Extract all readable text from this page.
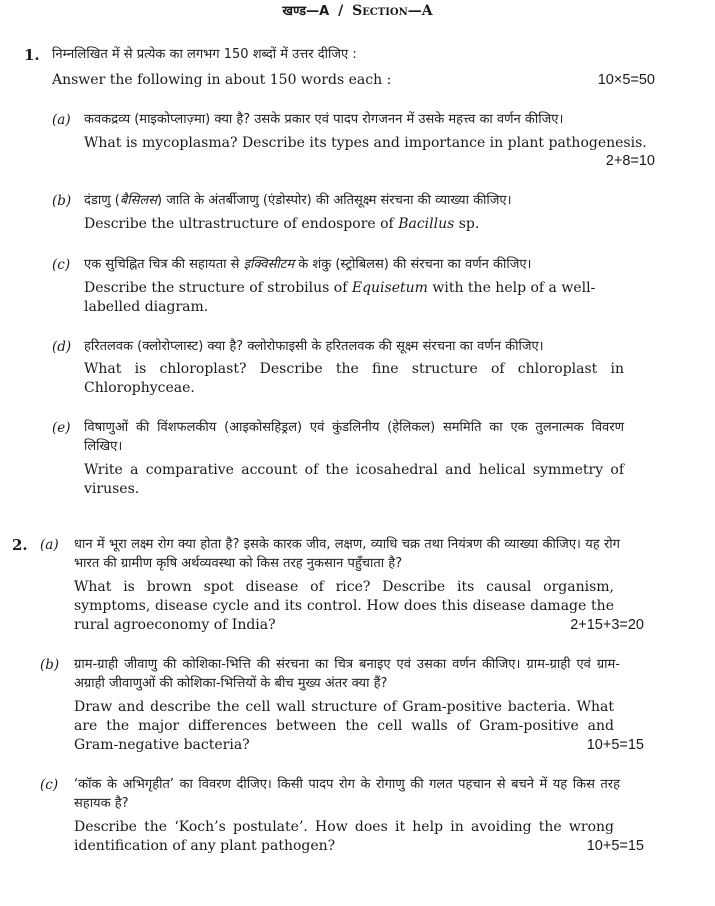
खण्ड—A / Section—A
1. निम्नलिखित में से प्रत्येक का लगभग 150 शब्दों में उत्तर दीजिए :
Answer the following in about 150 words each :	10×5=50
(a) कवकद्रव्य (माइकोप्लाज़्मा) क्या है? उसके प्रकार एवं पादप रोगजनन में उसके महत्त्व का वर्णन कीजिए।
What is mycoplasma? Describe its types and importance in plant pathogenesis.
2+8=10
(b) दंडाणु (बैसिलस) जाति के अंतर्बीजाणु (एंडोस्पोर) की अतिसूक्ष्म संरचना की व्याख्या कीजिए।
Describe the ultrastructure of endospore of Bacillus sp.
(c) एक सुचिह्नित चित्र की सहायता से इक्विसीटम के शंकु (स्ट्रोबिलस) की संरचना का वर्णन कीजिए।
Describe the structure of strobilus of Equisetum with the help of a well-labelled diagram.
(d) हरितलवक (क्लोरोप्लास्ट) क्या है? क्लोरोफाइसी के हरितलवक की सूक्ष्म संरचना का वर्णन कीजिए।
What is chloroplast? Describe the fine structure of chloroplast in Chlorophyceae.
(e) विषाणुओं की विंशफलकीय (आइकोसहिड्रल) एवं कुंडलिनीय (हेलिकल) सममिति का एक तुलनात्मक विवरण लिखिए।
Write a comparative account of the icosahedral and helical symmetry of viruses.
2. (a) धान में भूरा लक्ष्म रोग क्या होता है? इसके कारक जीव, लक्षण, व्याधि चक्र तथा नियंत्रण की व्याख्या कीजिए। यह रोग भारत की ग्रामीण कृषि अर्थव्यवस्था को किस तरह नुकसान पहुँचाता है?
What is brown spot disease of rice? Describe its causal organism, symptoms, disease cycle and its control. How does this disease damage the rural agroeconomy of India?	2+15+3=20
(b) ग्राम-ग्राही जीवाणु की कोशिका-भित्ति की संरचना का चित्र बनाइए एवं उसका वर्णन कीजिए। ग्राम-ग्राही एवं ग्राम-अग्राही जीवाणुओं की कोशिका-भित्तियों के बीच मुख्य अंतर क्या हैं?
Draw and describe the cell wall structure of Gram-positive bacteria. What are the major differences between the cell walls of Gram-positive and Gram-negative bacteria?	10+5=15
(c) ‘कॉक के अभिगृहीत’ का विवरण दीजिए। किसी पादप रोग के रोगाणु की गलत पहचान से बचने में यह किस तरह सहायक है?
Describe the ‘Koch’s postulate’. How does it help in avoiding the wrong identification of any plant pathogen?	10+5=15
